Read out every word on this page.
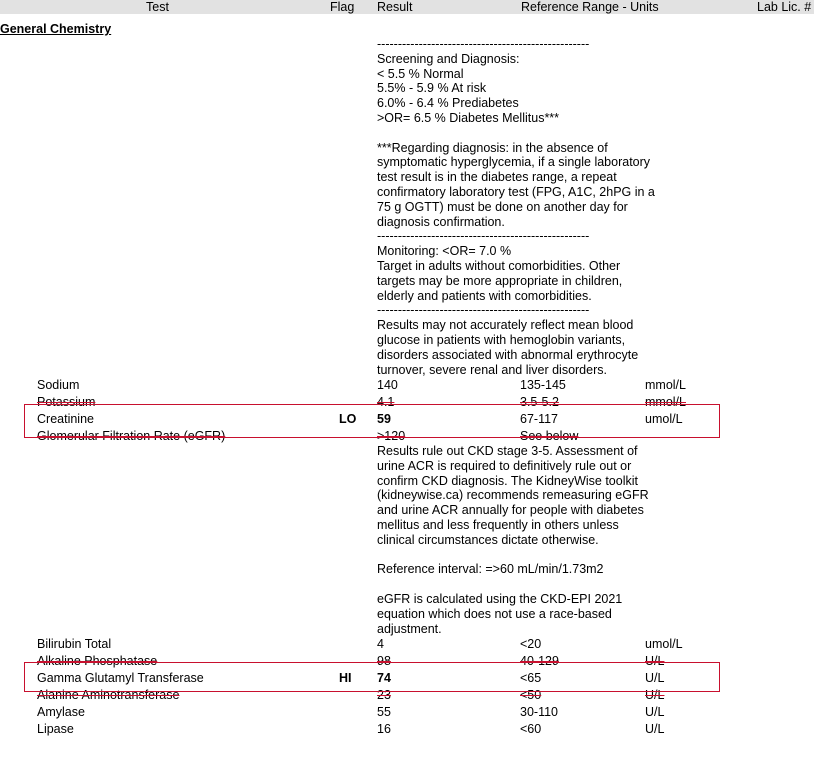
Test	Flag Result	Reference Range - Units	Lab Lic. #
General Chemistry
---------------------------------------------------
Screening and Diagnosis:
< 5.5 % Normal
5.5% - 5.9 % At risk
6.0% - 6.4 % Prediabetes
>OR= 6.5 % Diabetes Mellitus***

***Regarding diagnosis: in the absence of
symptomatic hyperglycemia, if a single laboratory
test result is in the diabetes range, a repeat
confirmatory laboratory test (FPG, A1C, 2hPG in a
75 g OGTT) must be done on another day for
diagnosis confirmation.
---------------------------------------------------
Monitoring: <OR= 7.0 %
Target in adults without comorbidities. Other
targets may be more appropriate in children,
elderly and patients with comorbidities.
---------------------------------------------------
Results may not accurately reflect mean blood
glucose in patients with hemoglobin variants,
disorders associated with abnormal erythrocyte
turnover, severe renal and liver disorders.
Sodium	140	135-145	mmol/L
Potassium	4.1	3.5-5.2	mmol/L
Creatinine	LO 59	67-117	umol/L
Glomerular Filtration Rate (eGFR)	>120	See below
Results rule out CKD stage 3-5. Assessment of
urine ACR is required to definitively rule out or
confirm CKD diagnosis. The KidneyWise toolkit
(kidneywise.ca) recommends remeasuring eGFR
and urine ACR annually for people with diabetes
mellitus and less frequently in others unless
clinical circumstances dictate otherwise.

Reference interval: =>60 mL/min/1.73m2

eGFR is calculated using the CKD-EPI 2021
equation which does not use a race-based
adjustment.
Bilirubin Total	4	<20	umol/L
Alkaline Phosphatase	98	40-129	U/L
Gamma Glutamyl Transferase	HI 74	<65	U/L
Alanine Aminotransferase	23	<50	U/L
Amylase	55	30-110	U/L
Lipase	16	<60	U/L
